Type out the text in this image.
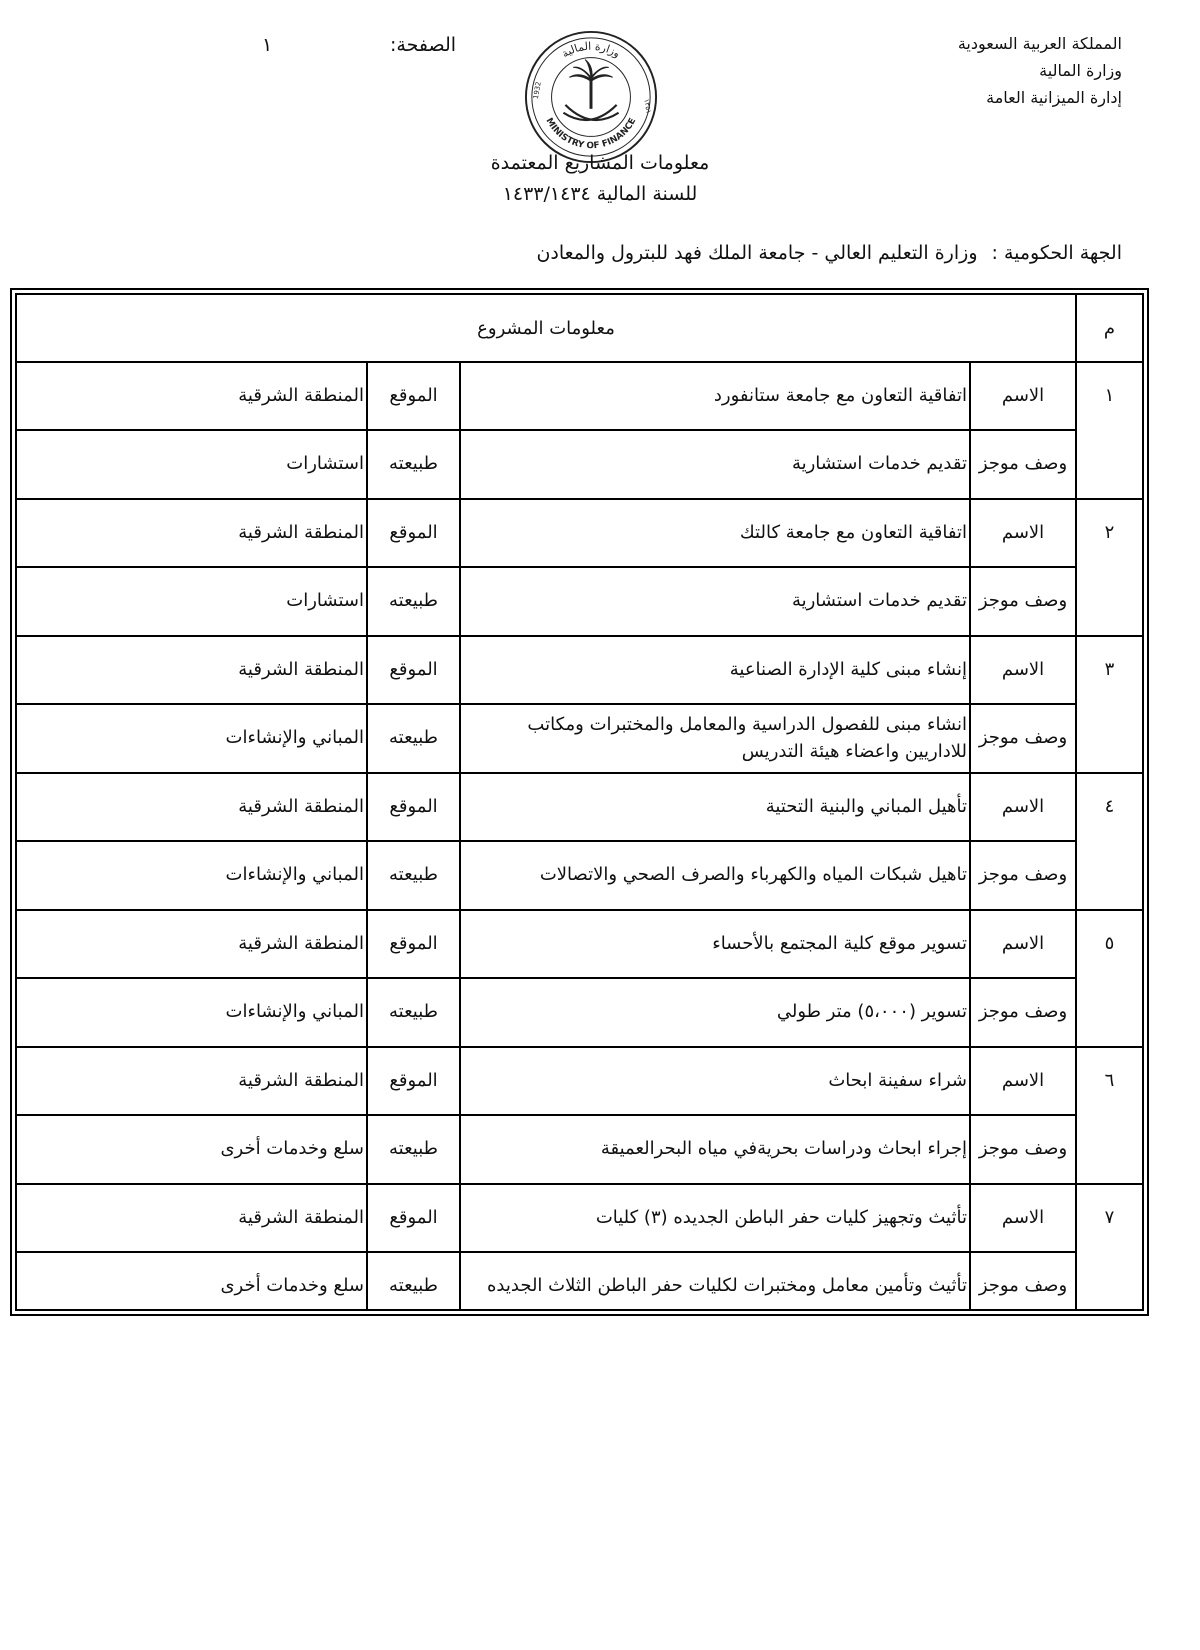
المملكة العربية السعودية
وزارة المالية
إدارة الميزانية العامة
الصفحة:
١	وزارة المالية
MINISTRY OF FINANCE
1932
١٣٥١
معلومات المشاريع المعتمدة
للسنة المالية ١٤٣٣/١٤٣٤
الجهة الحكومية :وزارة التعليم العالي - جامعة الملك فهد للبترول والمعادن
م
معلومات المشروع
١
الاسم
اتفاقية التعاون مع جامعة ستانفورد
الموقع
المنطقة الشرقية
وصف موجز
تقديم خدمات استشارية
طبيعته
استشارات
٢
الاسم
اتفاقية التعاون مع جامعة كالتك
الموقع
المنطقة الشرقية
وصف موجز
تقديم خدمات استشارية
طبيعته
استشارات
٣
الاسم
إنشاء مبنى كلية الإدارة الصناعية
الموقع
المنطقة الشرقية
وصف موجز
انشاء مبنى للفصول الدراسية والمعامل والمختبرات ومكاتب للاداريين واعضاء هيئة التدريس
طبيعته
المباني والإنشاءات
٤
الاسم
تأهيل المباني والبنية التحتية
الموقع
المنطقة الشرقية
وصف موجز
تاهيل شبكات المياه والكهرباء والصرف الصحي والاتصالات
طبيعته
المباني والإنشاءات
٥
الاسم
تسوير موقع كلية المجتمع بالأحساء
الموقع
المنطقة الشرقية
وصف موجز
تسوير (٥،٠٠٠) متر طولي
طبيعته
المباني والإنشاءات
٦
الاسم
شراء سفينة ابحاث
الموقع
المنطقة الشرقية
وصف موجز
إجراء ابحاث ودراسات بحريةفي مياه البحرالعميقة
طبيعته
سلع وخدمات أخرى
٧
الاسم
تأثيث وتجهيز كليات حفر الباطن الجديده (٣) كليات
الموقع
المنطقة الشرقية
وصف موجز
تأثيث وتأمين معامل ومختبرات لكليات حفر الباطن الثلاث الجديده
طبيعته
سلع وخدمات أخرى
